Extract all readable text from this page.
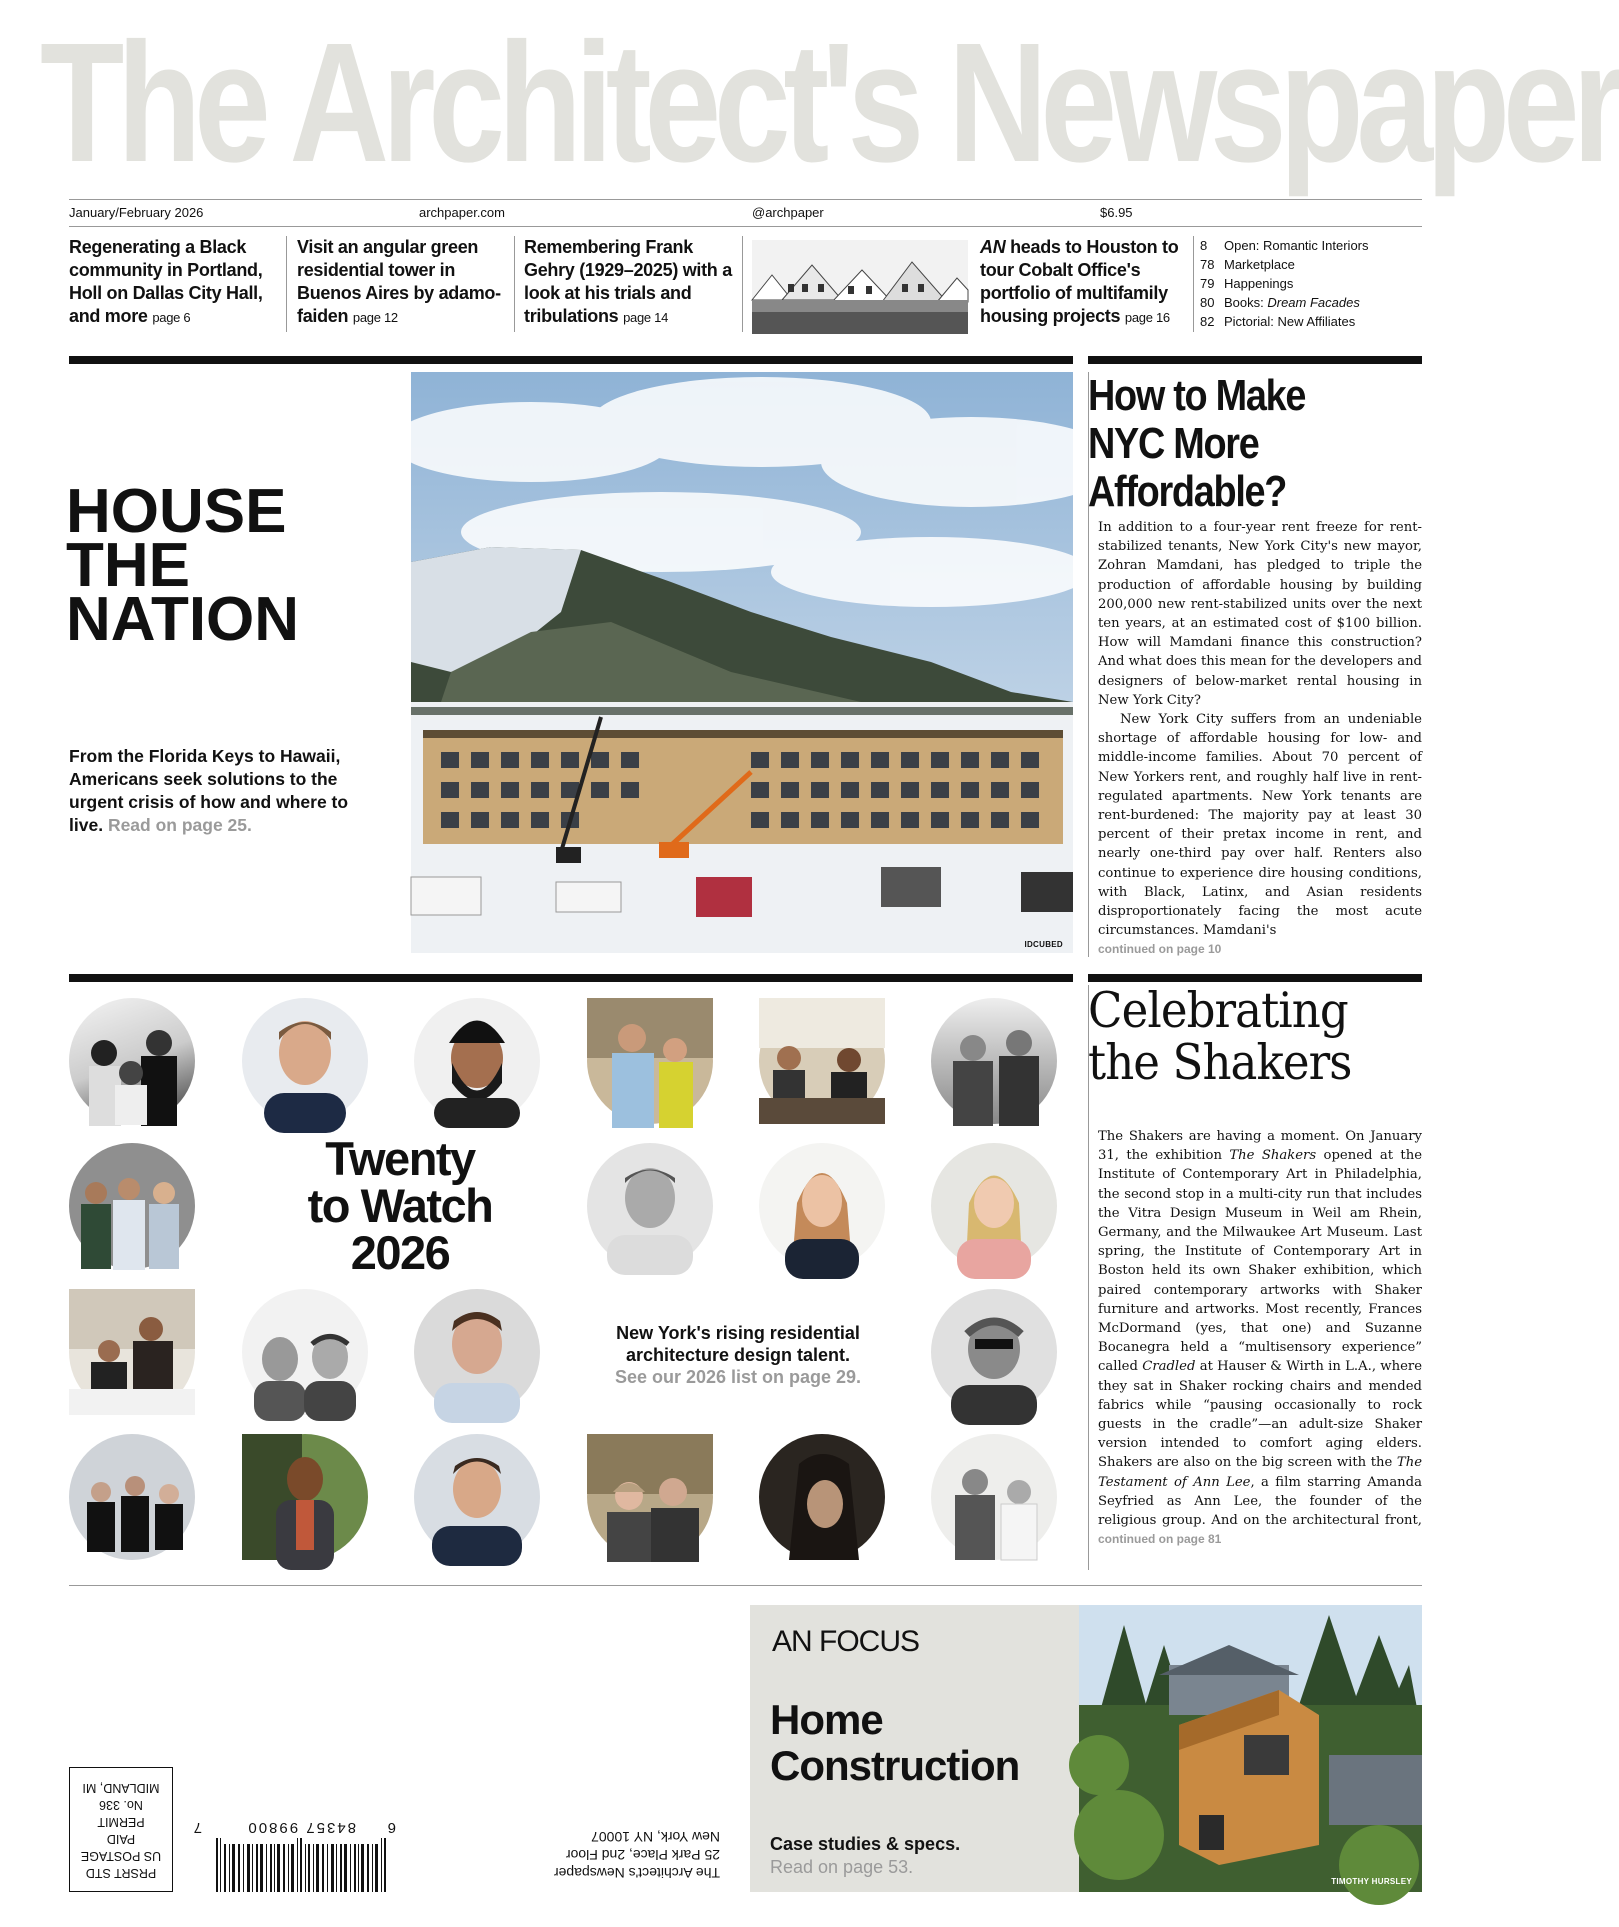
The Architect's Newspaper
January/February 2026	archpaper.com	@archpaper	$6.95
Regenerating a Black community in Portland, Holl on Dallas City Hall, and more page 6
Visit an angular green residential tower in Buenos Aires by adamo-faiden page 12
Remembering Frank Gehry (1929–2025) with a look at his trials and tribulations page 14
AN heads to Houston to tour Cobalt Office's portfolio of multifamily housing projects page 16
8 Open: Romantic Interiors
78 Marketplace
79 Happenings
80 Books: Dream Facades
82 Pictorial: New Affiliates
HOUSE
THE
NATION
From the Florida Keys to Hawaii, Americans seek solutions to the urgent crisis of how and where to live. Read on page 25.
IDCUBED
How to Make NYC More Affordable?

In addition to a four-year rent freeze for rent-stabilized tenants, New York City's new mayor, Zohran Mamdani, has pledged to triple the production of affordable housing by building 200,000 new rent-stabilized units over the next ten years, at an estimated cost of $100 billion. How will Mamdani finance this construction? And what does this mean for the developers and designers of below-market rental housing in New York City?

New York City suffers from an undeniable shortage of affordable housing for low- and middle-income families. About 70 percent of New Yorkers rent, and roughly half live in rent-regulated apartments. New York tenants are rent-burdened: The majority pay at least 30 percent of their pretax income in rent, and nearly one-third pay over half. Renters also continue to experience dire housing conditions, with Black, Latinx, and Asian residents disproportionately facing the most acute circumstances. Mamdani's
continued on page 10

Twenty
to Watch
2026
New York's rising residential architecture design talent.
See our 2026 list on page 29.
Celebrating
the Shakers

The Shakers are having a moment. On January 31, the exhibition The Shakers opened at the Institute of Contemporary Art in Philadelphia, the second stop in a multi-city run that includes the Vitra Design Museum in Weil am Rhein, Germany, and the Milwaukee Art Museum. Last spring, the Institute of Contemporary Art in Boston held its own Shaker exhibition, which paired contemporary artworks with Shaker furniture and artworks. Most recently, Frances McDormand (yes, that one) and Suzanne Bocanegra held a “multisensory experience” called Cradled at Hauser & Wirth in L.A., where they sat in Shaker rocking chairs and mended fabrics while “pausing occasionally to rock guests in the cradle”—an adult-size Shaker version intended to comfort aging elders. Shakers are also on the big screen with the The Testament of Ann Lee, a film starring Amanda Seyfried as Ann Lee, the founder of the religious group. And on the architectural front, continued on page 81

AN FOCUS
Home
Construction
Case studies & specs.
Read on page 53.
TIMOTHY HURSLEY
PRSRT STD
US POSTAGE
PAID
PERMIT
No. 336
MIDLAND, MI
6
84357 99800
7
The Architect's Newspaper
25 Park Place, 2nd Floor
New York, NY 10007
